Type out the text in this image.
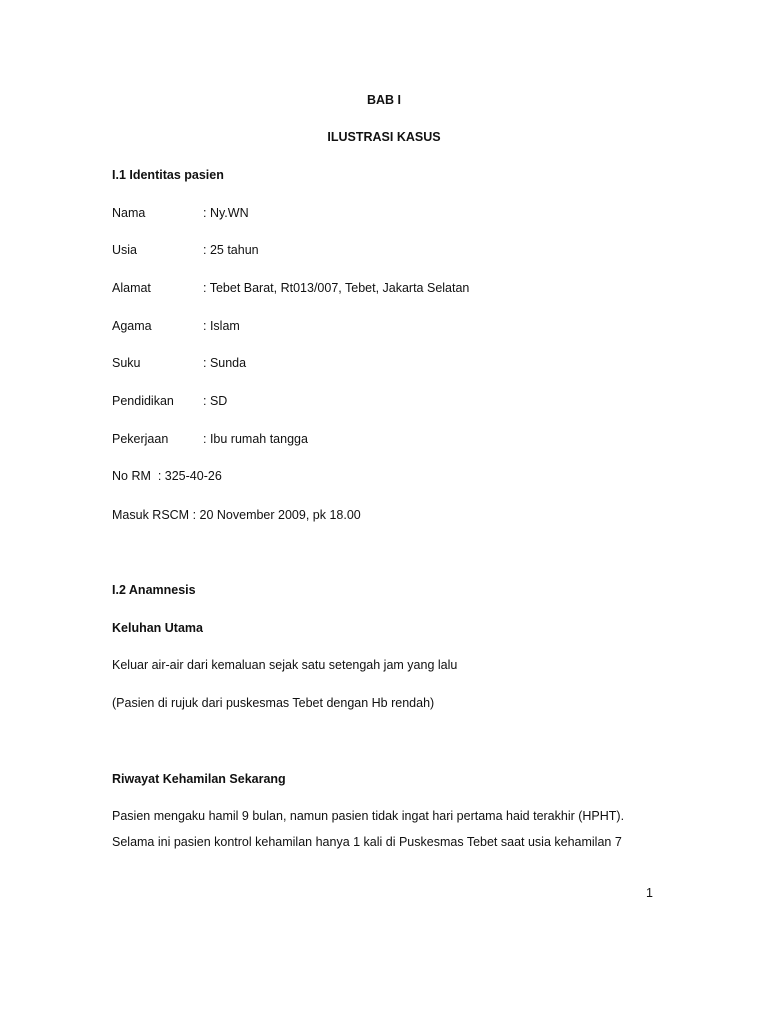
BAB I
ILUSTRASI KASUS
I.1 Identitas pasien
Nama	: Ny.WN
Usia	: 25 tahun
Alamat	: Tebet Barat, Rt013/007, Tebet, Jakarta Selatan
Agama	: Islam
Suku	: Sunda
Pendidikan : SD
Pekerjaan	: Ibu rumah tangga
No RM  : 325-40-26
Masuk RSCM : 20 November 2009, pk 18.00
I.2 Anamnesis
Keluhan Utama
Keluar air-air dari kemaluan sejak satu setengah jam yang lalu
(Pasien di rujuk dari puskesmas Tebet dengan Hb rendah)
Riwayat Kehamilan Sekarang
Pasien mengaku hamil 9 bulan, namun pasien tidak ingat hari pertama haid terakhir (HPHT).
Selama ini pasien kontrol kehamilan hanya 1 kali di Puskesmas Tebet saat usia kehamilan 7
1
